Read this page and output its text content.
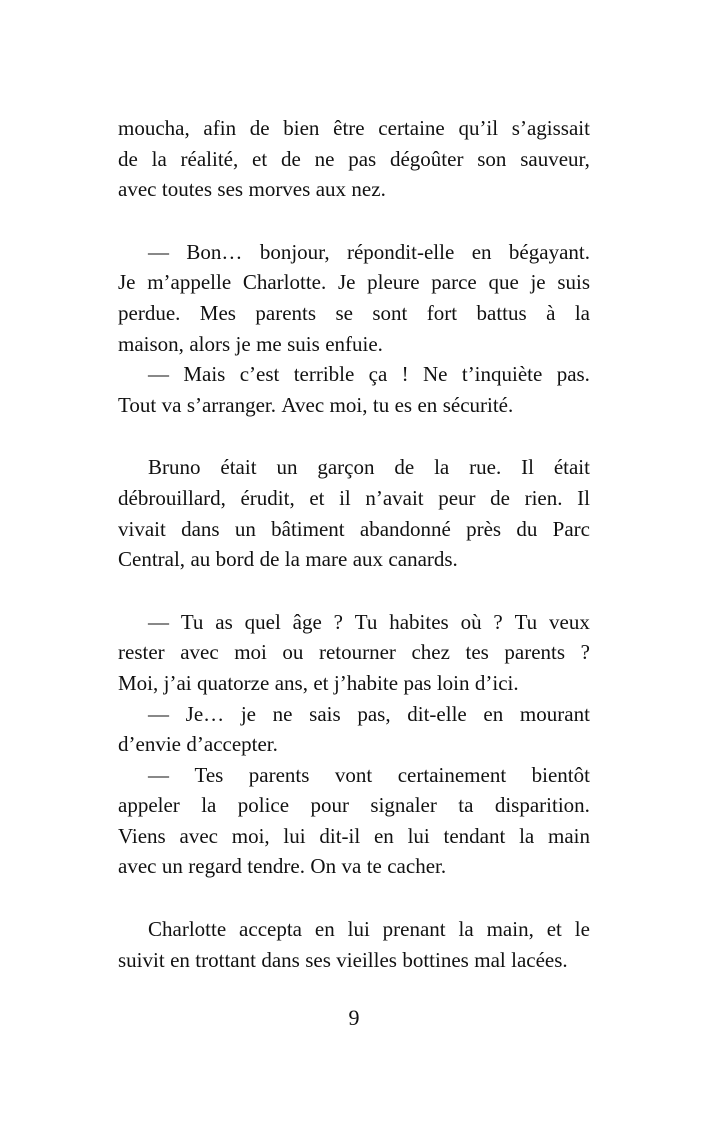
moucha, afin de bien être certaine qu’il s’agissait
de la réalité, et de ne pas dégoûter son sauveur,
avec toutes ses morves aux nez.
— Bon… bonjour, répondit-elle en bégayant.
Je m’appelle Charlotte. Je pleure parce que je suis
perdue. Mes parents se sont fort battus à la
maison, alors je me suis enfuie.
— Mais c’est terrible ça ! Ne t’inquiète pas.
Tout va s’arranger. Avec moi, tu es en sécurité.
Bruno était un garçon de la rue. Il était
débrouillard, érudit, et il n’avait peur de rien. Il
vivait dans un bâtiment abandonné près du Parc
Central, au bord de la mare aux canards.
— Tu as quel âge ? Tu habites où ? Tu veux
rester avec moi ou retourner chez tes parents ?
Moi, j’ai quatorze ans, et j’habite pas loin d’ici.
— Je… je ne sais pas, dit-elle en mourant
d’envie d’accepter.
— Tes parents vont certainement bientôt
appeler la police pour signaler ta disparition.
Viens avec moi, lui dit-il en lui tendant la main
avec un regard tendre. On va te cacher.
Charlotte accepta en lui prenant la main, et le
suivit en trottant dans ses vieilles bottines mal lacées.
9
